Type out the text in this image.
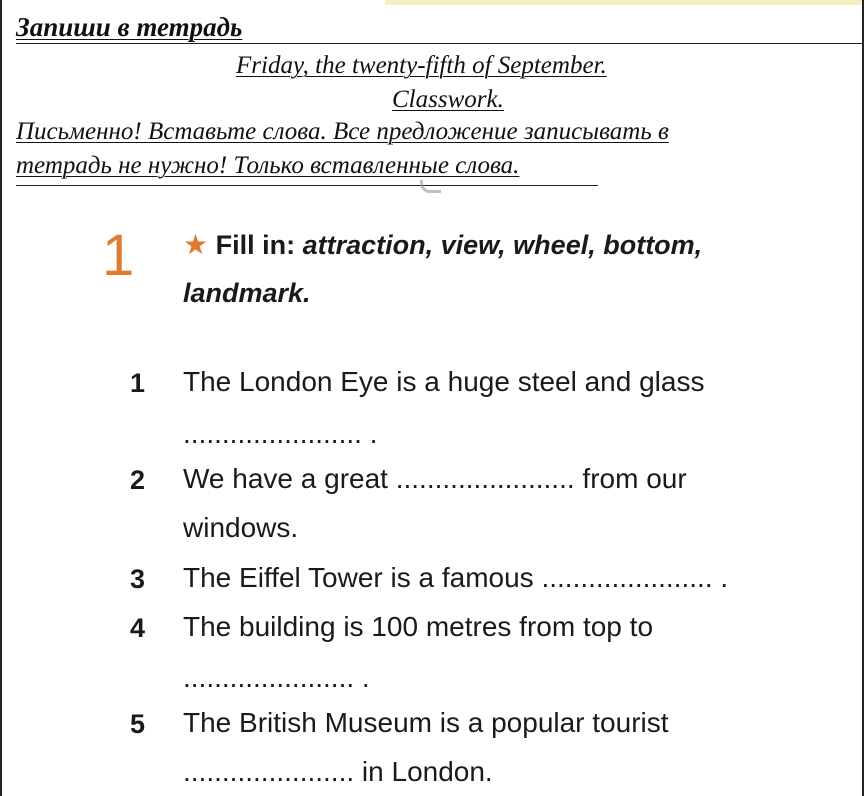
Запиши в тетрадь
Friday, the twenty-fifth of September.
Classwork.
Письменно! Вставьте слова. Все предложение записывать в
тетрадь не нужно! Только вставленные слова.
1 ★ Fill in: attraction, view, wheel, bottom,
landmark.
1 The London Eye is a huge steel and glass
....................... .
2 We have a great ....................... from our
windows.
3 The Eiffel Tower is a famous ...................... .
4 The building is 100 metres from top to
...................... .
5 The British Museum is a popular tourist
...................... in London.
